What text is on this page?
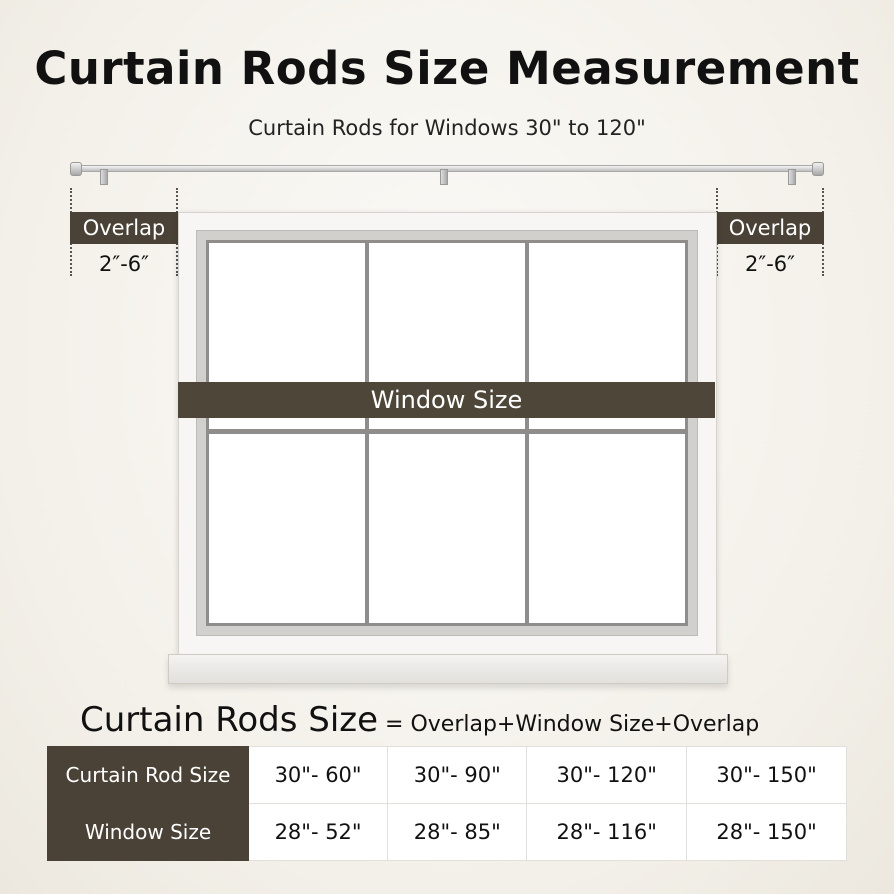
Curtain Rods Size Measurement
Curtain Rods for Windows 30" to 120"
Overlap
2″-6″
Overlap
2″-6″
Window Size
Curtain Rods Size = Overlap+Window Size+Overlap
Curtain Rod Size	30"- 60"	30"- 90"	30"- 120"	30"- 150"
Window Size	28"- 52"	28"- 85"	28"- 116"	28"- 150"
